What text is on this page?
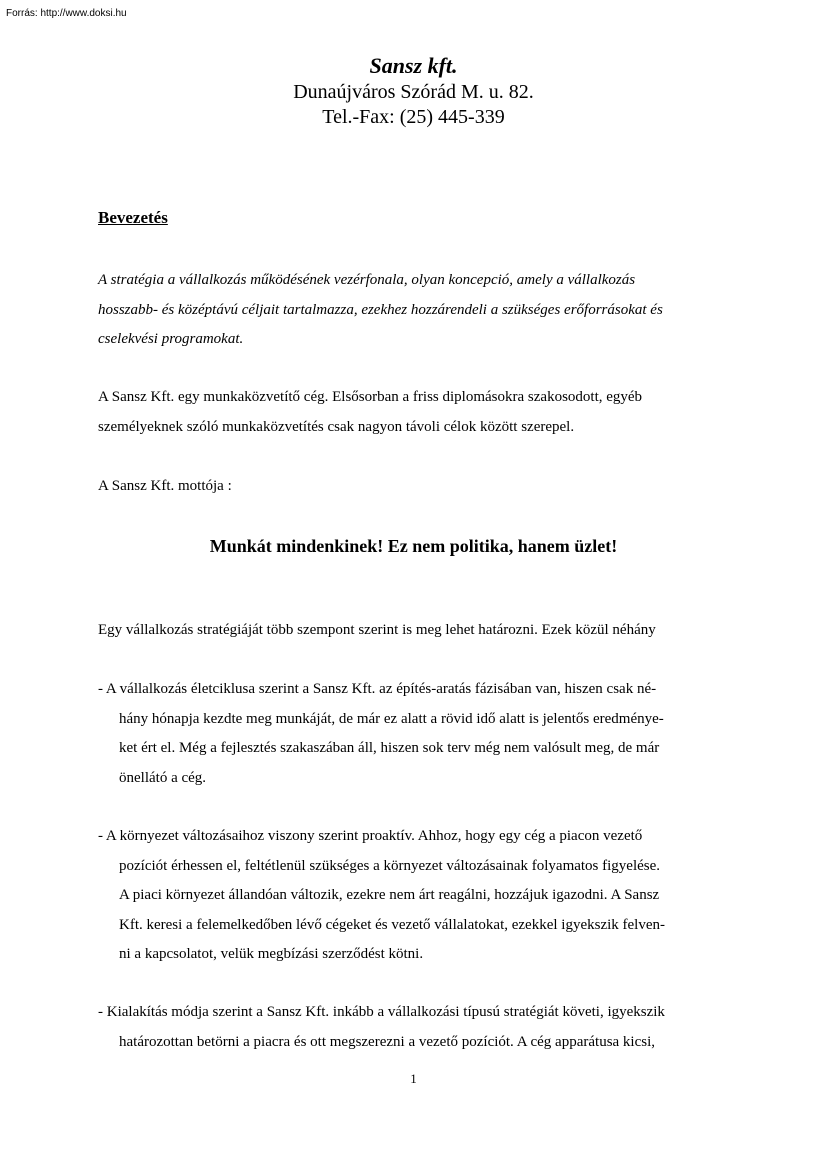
Forrás: http://www.doksi.hu
Sansz kft.
Dunaújváros Szórád M. u. 82.
Tel.-Fax: (25) 445-339
Bevezetés
A stratégia a vállalkozás működésének vezérfonala, olyan koncepció, amely a vállalkozás
hosszabb- és középtávú céljait tartalmazza, ezekhez hozzárendeli a szükséges erőforrásokat és
cselekvési programokat.
A Sansz Kft. egy munkaközvetítő cég. Elsősorban a friss diplomásokra szakosodott, egyéb
személyeknek szóló munkaközvetítés csak nagyon távoli célok között szerepel.
A Sansz Kft. mottója :
Munkát mindenkinek! Ez nem politika, hanem üzlet!
Egy vállalkozás stratégiáját több szempont szerint is meg lehet határozni. Ezek közül néhány
- A vállalkozás életciklusa szerint a Sansz Kft. az építés-aratás fázisában van, hiszen csak né-
hány hónapja kezdte meg munkáját, de már ez alatt a rövid idő alatt is jelentős eredménye-
ket ért el. Még a fejlesztés szakaszában áll, hiszen sok terv még nem valósult meg, de már
önellátó a cég.
- A környezet változásaihoz viszony szerint proaktív. Ahhoz, hogy egy cég a piacon vezető
pozíciót érhessen el, feltétlenül szükséges a környezet változásainak folyamatos figyelése.
A piaci környezet állandóan változik, ezekre nem árt reagálni, hozzájuk igazodni. A Sansz
Kft. keresi a felemelkedőben lévő cégeket és vezető vállalatokat, ezekkel igyekszik felven-
ni a kapcsolatot, velük megbízási szerződést kötni.
- Kialakítás módja szerint a Sansz Kft. inkább a vállalkozási típusú stratégiát követi, igyekszik
határozottan betörni a piacra és ott megszerezni a vezető pozíciót. A cég apparátusa kicsi,
1
